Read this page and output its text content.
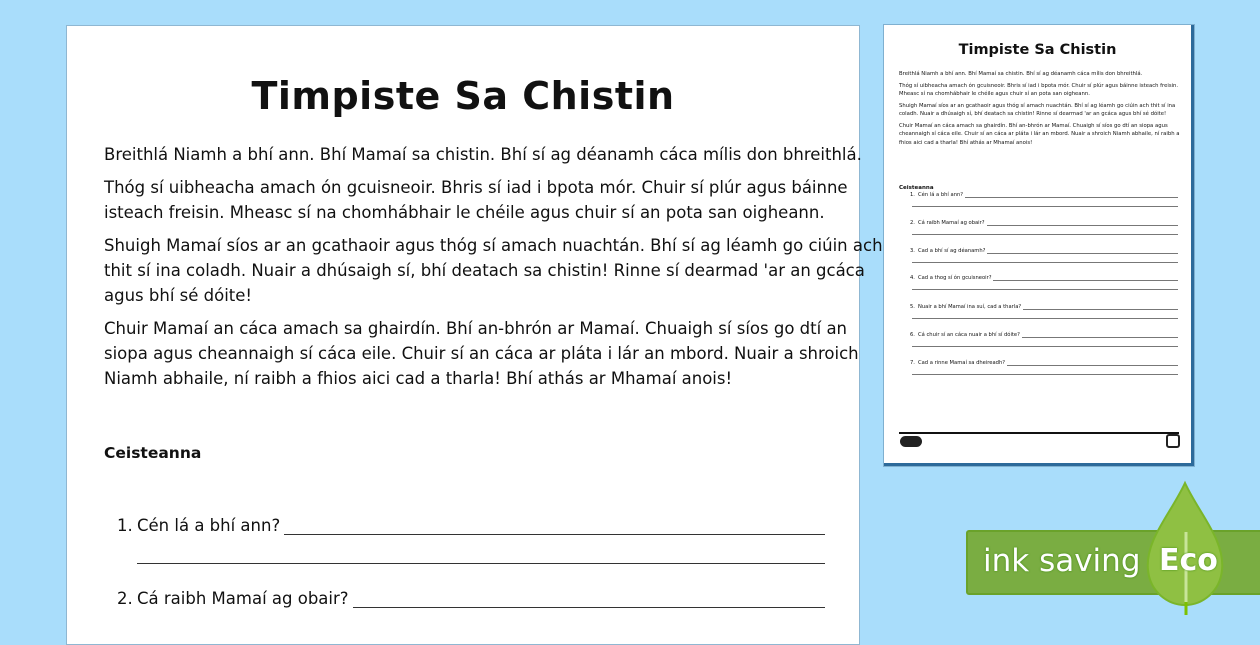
Timpiste Sa Chistin

Breithlá Niamh a bhí ann. Bhí Mamaí sa chistin. Bhí sí ag déanamh cáca mílis don bhreithlá.

Thóg sí uibheacha amach ón gcuisneoir. Bhris sí iad i bpota mór. Chuir sí plúr agus báinne
isteach freisin. Mheasc sí na chomhábhair le chéile agus chuir sí an pota san oigheann.

Shuigh Mamaí síos ar an gcathaoir agus thóg sí amach nuachtán. Bhí sí ag léamh go ciúin ach
thit sí ina coladh. Nuair a dhúsaigh sí, bhí deatach sa chistin! Rinne sí dearmad 'ar an gcáca
agus bhí sé dóite!

Chuir Mamaí an cáca amach sa ghairdín. Bhí an-bhrón ar Mamaí. Chuaigh sí síos go dtí an
siopa agus cheannaigh sí cáca eile. Chuir sí an cáca ar pláta i lár an mbord. Nuair a shroich
Niamh abhaile, ní raibh a fhios aici cad a tharla! Bhí athás ar Mhamaí anois!

Ceisteanna
1. Cén lá a bhí ann?
2. Cá raibh Mamaí ag obair?
Timpiste Sa Chistin

Breithlá Niamh a bhí ann. Bhí Mamaí sa chistin. Bhí sí ag déanamh cáca mílis don bhreithlá.

Thóg sí uibheacha amach ón gcuisneoir. Bhris sí iad i bpota mór. Chuir sí plúr agus báinne isteach freisin. Mheasc sí na chomhábhair le chéile agus chuir sí an pota san oigheann.

Shuigh Mamaí síos ar an gcathaoir agus thóg sí amach nuachtán. Bhí sí ag léamh go ciúin ach thit sí ina coladh. Nuair a dhúsaigh sí, bhí deatach sa chistin! Rinne sí dearmad 'ar an gcáca agus bhí sé dóite!

Chuir Mamaí an cáca amach sa ghairdín. Bhí an-bhrón ar Mamaí. Chuaigh sí síos go dtí an siopa agus cheannaigh sí cáca eile. Chuir sí an cáca ar pláta i lár an mbord. Nuair a shroich Niamh abhaile, ní raibh a fhios aici cad a tharla! Bhí athás ar Mhamaí anois!

Ceisteanna
1. Cén lá a bhí ann?
2. Cá raibh Mamaí ag obair?
3. Cad a bhí sí ag déanamh?
4. Cad a thog sí ón gcuisneoir?
5. Nuair a bhí Mamaí ina suí, cad a tharla?
6. Cá chuir sí an cáca nuair a bhí sí dóite?
7. Cad a rinne Mamaí sa dheireadh?
ink saving Eco
